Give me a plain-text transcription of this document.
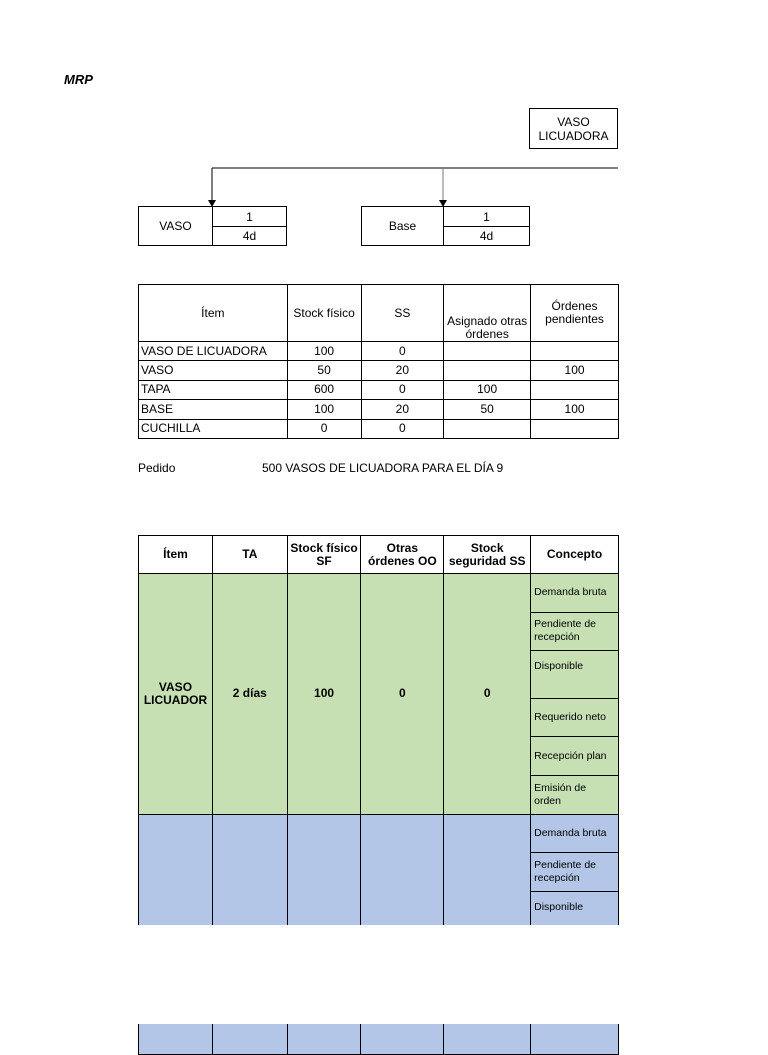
MRP
VASO
LICUADORA
VASO
1
4d
Base
1
4d
Ítem	Stock físico	SS	Asignado otras órdenes	Órdenes pendientes
VASO DE LICUADORA	100	0		
VASO	50	20		100
TAPA	600	0	100	
BASE	100	20	50	100
CUCHILLA	0	0		
Pedido	500 VASOS DE LICUADORA PARA EL DÍA 9
Ítem	TA	Stock físico SF	Otras órdenes OO	Stock seguridad SS	Concepto
VASO LICUADOR	2 días	100	0	0	Demanda bruta
					Pendiente de recepción
					Disponible
					Requerido neto
					Recepción plan
					Emisión de orden
					Demanda bruta
					Pendiente de recepción
					Disponible
